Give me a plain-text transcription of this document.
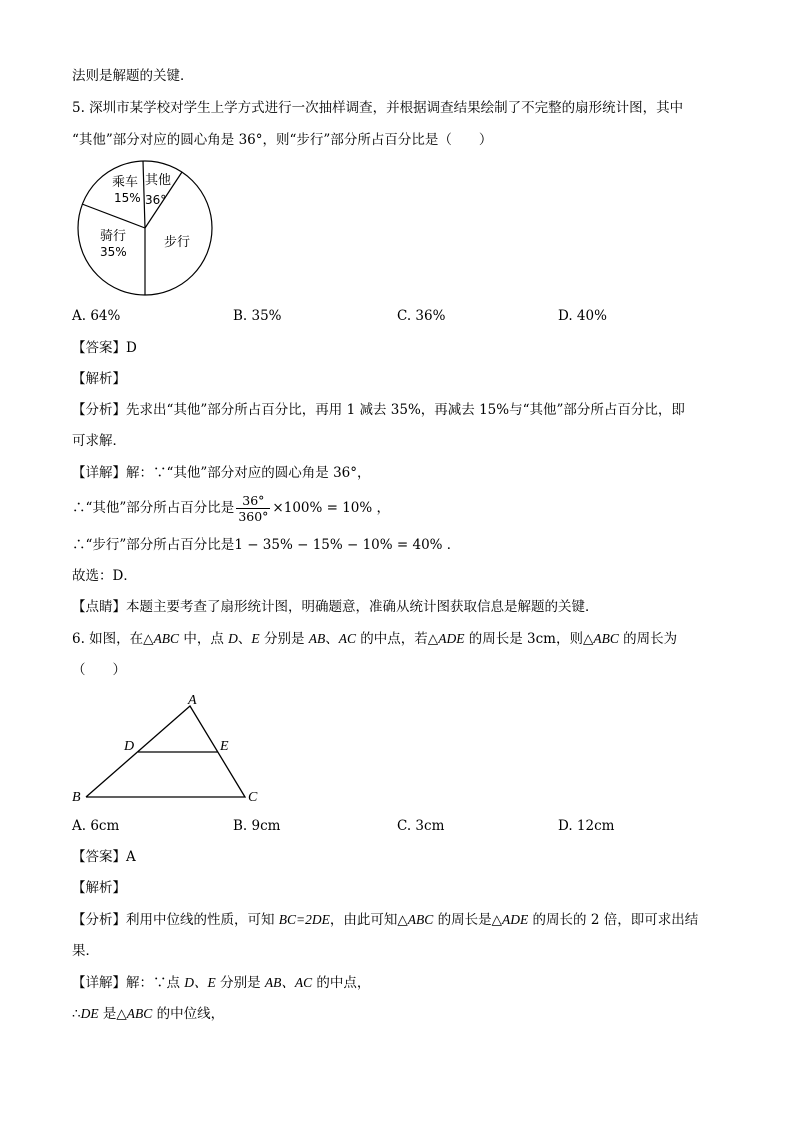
法则是解题的关键．
5. 深圳市某学校对学生上学方式进行一次抽样调查，并根据调查结果绘制了不完整的扇形统计图，其中
“其他”部分对应的圆心角是 36°，则“步行”部分所占百分比是（　　）
乘车
15%
其他
36°
骑行
35%
步行
A. 64%	B. 35%	C. 36%	D. 40%
【答案】D
【解析】
【分析】先求出“其他”部分所占百分比，再用 1 减去 35%，再减去 15%与“其他”部分所占百分比，即
可求解．
【详解】解：∵“其他”部分对应的圆心角是 36°，
∴“其他”部分所占百分比是 $\frac{36^\circ}{360^\circ} \times 100\% = 10\%$ ，
∴“步行”部分所占百分比是1 − 35% − 15% − 10% = 40% ．
故选：D．
【点睛】本题主要考查了扇形统计图，明确题意，准确从统计图获取信息是解题的关键．
6. 如图，在△ABC 中，点 D、E 分别是 AB、AC 的中点，若△ADE 的周长是 3cm，则△ABC 的周长为
（　　）
A
B	C
D	E
A. 6cm	B. 9cm	C. 3cm	D. 12cm
【答案】A
【解析】
【分析】利用中位线的性质，可知 BC=2DE，由此可知△ABC 的周长是△ADE 的周长的 2 倍，即可求出结
果．
【详解】解：∵点 D、E 分别是 AB、AC 的中点，
∴DE 是△ABC 的中位线，
